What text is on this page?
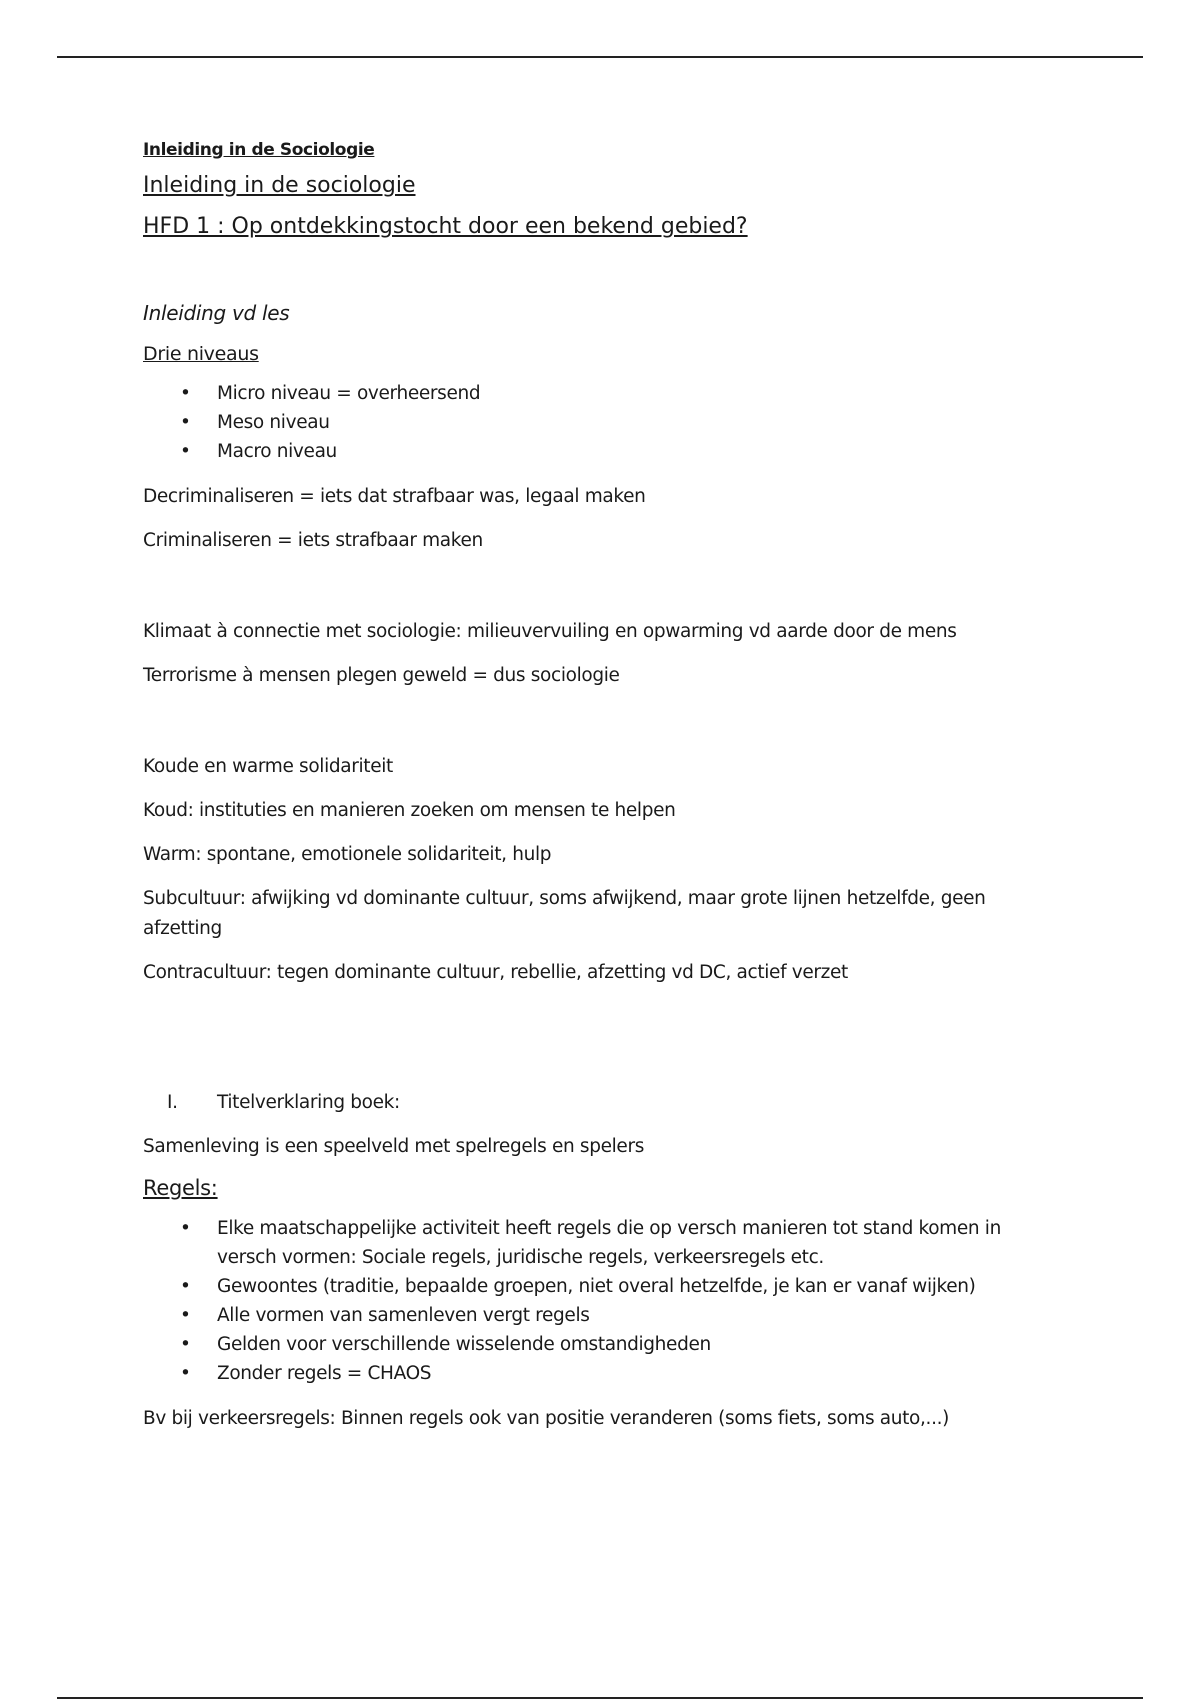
Inleiding in de Sociologie

Inleiding in de sociologie

HFD 1 : Op ontdekkingstocht door een bekend gebied?

Inleiding vd les

Drie niveaus

• Micro niveau = overheersend
• Meso niveau
• Macro niveau

Decriminaliseren = iets dat strafbaar was, legaal maken

Criminaliseren = iets strafbaar maken

Klimaat à connectie met sociologie: milieuvervuiling en opwarming vd aarde door de mens

Terrorisme à mensen plegen geweld = dus sociologie

Koude en warme solidariteit

Koud: instituties en manieren zoeken om mensen te helpen

Warm: spontane, emotionele solidariteit, hulp

Subcultuur: afwijking vd dominante cultuur, soms afwijkend, maar grote lijnen hetzelfde, geen afzetting

Contracultuur: tegen dominante cultuur, rebellie, afzetting vd DC, actief verzet

I. Titelverklaring boek:

Samenleving is een speelveld met spelregels en spelers

Regels:

• Elke maatschappelijke activiteit heeft regels die op versch manieren tot stand komen in versch vormen: Sociale regels, juridische regels, verkeersregels etc.
• Gewoontes (traditie, bepaalde groepen, niet overal hetzelfde, je kan er vanaf wijken)
• Alle vormen van samenleven vergt regels
• Gelden voor verschillende wisselende omstandigheden
• Zonder regels = CHAOS

Bv bij verkeersregels: Binnen regels ook van positie veranderen (soms fiets, soms auto,...)
